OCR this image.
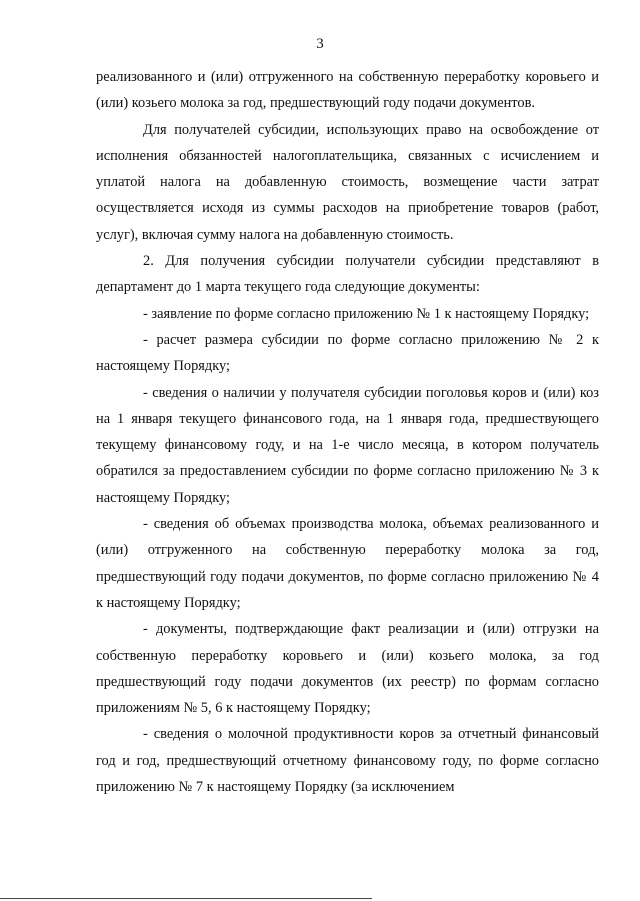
3

реализованного и (или) отгруженного на собственную переработку коровьего и (или) козьего молока за год, предшествующий году подачи документов.

Для получателей субсидии, использующих право на освобождение от исполнения обязанностей налогоплательщика, связанных с исчислением и уплатой налога на добавленную стоимость, возмещение части затрат осуществляется исходя из суммы расходов на приобретение товаров (работ, услуг), включая сумму налога на добавленную стоимость.

2. Для получения субсидии получатели субсидии представляют в департамент до 1 марта текущего года следующие документы:

- заявление по форме согласно приложению № 1 к настоящему Порядку;

- расчет размера субсидии по форме согласно приложению № 2 к настоящему Порядку;

- сведения о наличии у получателя субсидии поголовья коров и (или) коз на 1 января текущего финансового года, на 1 января года, предшествующего текущему финансовому году, и на 1-е число месяца, в котором получатель обратился за предоставлением субсидии по форме согласно приложению № 3 к настоящему Порядку;

- сведения об объемах производства молока, объемах реализованного и (или) отгруженного на собственную переработку молока за год, предшествующий году подачи документов, по форме согласно приложению № 4 к настоящему Порядку;

- документы, подтверждающие факт реализации и (или) отгрузки на собственную переработку коровьего и (или) козьего молока, за год предшествующий году подачи документов (их реестр) по формам согласно приложениям № 5, 6 к настоящему Порядку;

- сведения о молочной продуктивности коров за отчетный финансовый год и год, предшествующий отчетному финансовому году, по форме согласно приложению № 7 к настоящему Порядку (за исключением
